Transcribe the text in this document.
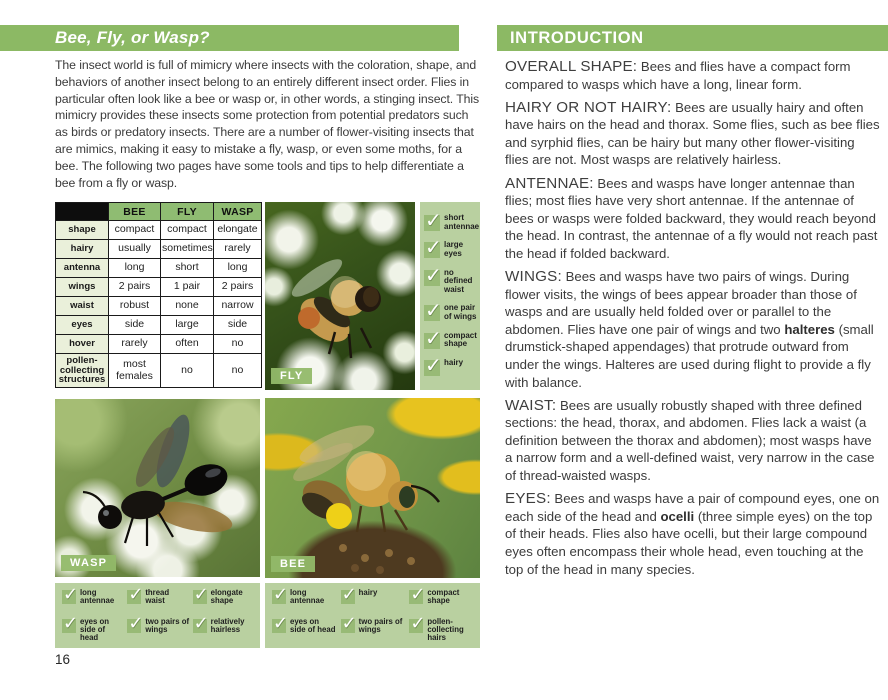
Bee, Fly, or Wasp?	INTRODUCTION

The insect world is full of mimicry where insects with the coloration, shape, and behaviors of another insect belong to an entirely different insect order. Flies in particular often look like a bee or wasp or, in other words, a stinging insect. This mimicry provides these insects some protection from potential predators such as birds or predatory insects. There are a number of flower-visiting insects that are mimics, making it easy to mistake a fly, wasp, or even some moths, for a bee. The following two pages have some tools and tips to help differentiate a bee from a fly or wasp.

	BEE	FLY	WASP
shape	compact	compact	elongate
hairy	usually	sometimes	rarely
antenna	long	short	long
wings	2 pairs	1 pair	2 pairs
waist	robust	none	narrow
eyes	side	large	side
hover	rarely	often	no
pollen-collecting structures	most females	no	no
FLY
✓ short antennae
✓ large eyes
✓ no defined waist
✓ one pair of wings
✓ compact shape
✓ hairy
WASP	BEE
✓ long antennae ✓ thread waist	✓ elongate shape
✓ eyes on side of head
✓ two pairs of wings	✓ relatively hairless
✓ long antennae ✓ hairy ✓ compact shape
✓ eyes on side of head ✓ two pairs of wings	✓ pollen-collecting hairs

OVERALL SHAPE: Bees and flies have a compact form compared to wasps which have a long, linear form.

HAIRY OR NOT HAIRY: Bees are usually hairy and often have hairs on the head and thorax. Some flies, such as bee flies and syrphid flies, can be hairy but many other flower-visiting flies are not. Most wasps are relatively hairless.

ANTENNAE: Bees and wasps have longer antennae than flies; most flies have very short antennae. If the antennae of bees or wasps were folded backward, they would reach beyond the head. In contrast, the antennae of a fly would not reach past the head if folded backward.

WINGS: Bees and wasps have two pairs of wings. During flower visits, the wings of bees appear broader than those of wasps and are usually held folded over or parallel to the abdomen. Flies have one pair of wings and two halteres (small drumstick-shaped appendages) that protrude outward from under the wings. Halteres are used during flight to provide a fly with balance.

WAIST: Bees are usually robustly shaped with three defined sections: the head, thorax, and abdomen. Flies lack a waist (a definition between the thorax and abdomen); most wasps have a narrow form and a well-defined waist, very narrow in the case of thread-waisted wasps.

EYES: Bees and wasps have a pair of compound eyes, one on each side of the head and ocelli (three simple eyes) on the top of their heads. Flies also have ocelli, but their large compound eyes often encompass their whole head, even touching at the top of the head in many species.

16
